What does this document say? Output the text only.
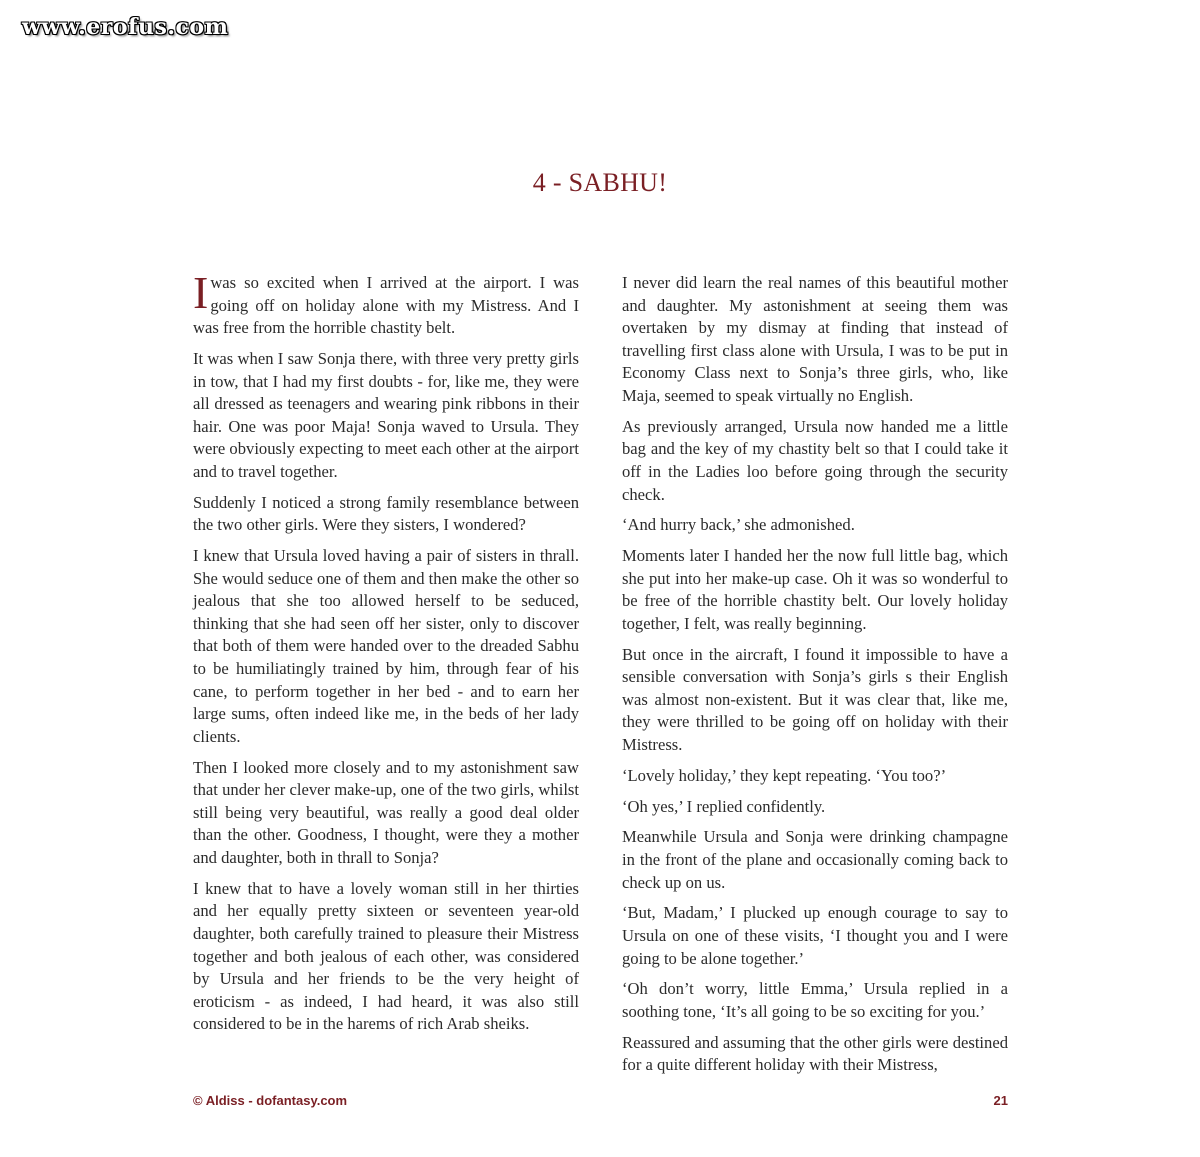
www.erofus.com
4 - SABHU!

Iwas so excited when I arrived at the airport. I was going off on holiday alone with my Mistress. And I was free from the horrible chastity belt.

It was when I saw Sonja there, with three very pretty girls in tow, that I had my first doubts - for, like me, they were all dressed as teenagers and wearing pink ribbons in their hair. One was poor Maja! Sonja waved to Ursula. They were obviously expecting to meet each other at the airport and to travel together.

Suddenly I noticed a strong family resemblance between the two other girls. Were they sisters, I wondered?

I knew that Ursula loved having a pair of sisters in thrall. She would seduce one of them and then make the other so jealous that she too allowed herself to be seduced, thinking that she had seen off her sister, only to discover that both of them were handed over to the dreaded Sabhu to be humiliatingly trained by him, through fear of his cane, to perform together in her bed - and to earn her large sums, often indeed like me, in the beds of her lady clients.

Then I looked more closely and to my astonishment saw that under her clever make-up, one of the two girls, whilst still being very beautiful, was really a good deal older than the other. Goodness, I thought, were they a mother and daughter, both in thrall to Sonja?

I knew that to have a lovely woman still in her thirties and her equally pretty sixteen or seventeen year-old daughter, both carefully trained to pleasure their Mistress together and both jealous of each other, was considered by Ursula and her friends to be the very height of eroticism - as indeed, I had heard, it was also still considered to be in the harems of rich Arab sheiks.

I never did learn the real names of this beautiful mother and daughter. My astonishment at seeing them was overtaken by my dismay at finding that instead of travelling first class alone with Ursula, I was to be put in Economy Class next to Sonja’s three girls, who, like Maja, seemed to speak virtually no English.

As previously arranged, Ursula now handed me a little bag and the key of my chastity belt so that I could take it off in the Ladies loo before going through the security check.

‘And hurry back,’ she admonished.

Moments later I handed her the now full little bag, which she put into her make-up case. Oh it was so wonderful to be free of the horrible chastity belt. Our lovely holiday together, I felt, was really beginning.

But once in the aircraft, I found it impossible to have a sensible conversation with Sonja’s girls s their English was almost non-existent. But it was clear that, like me, they were thrilled to be going off on holiday with their Mistress.

‘Lovely holiday,’ they kept repeating. ‘You too?’

‘Oh yes,’ I replied confidently.

Meanwhile Ursula and Sonja were drinking champagne in the front of the plane and occasionally coming back to check up on us.

‘But, Madam,’ I plucked up enough courage to say to Ursula on one of these visits, ‘I thought you and I were going to be alone together.’

‘Oh don’t worry, little Emma,’ Ursula replied in a soothing tone, ‘It’s all going to be so exciting for you.’

Reassured and assuming that the other girls were destined for a quite different holiday with their Mistress,

© Aldiss - dofantasy.com	21
